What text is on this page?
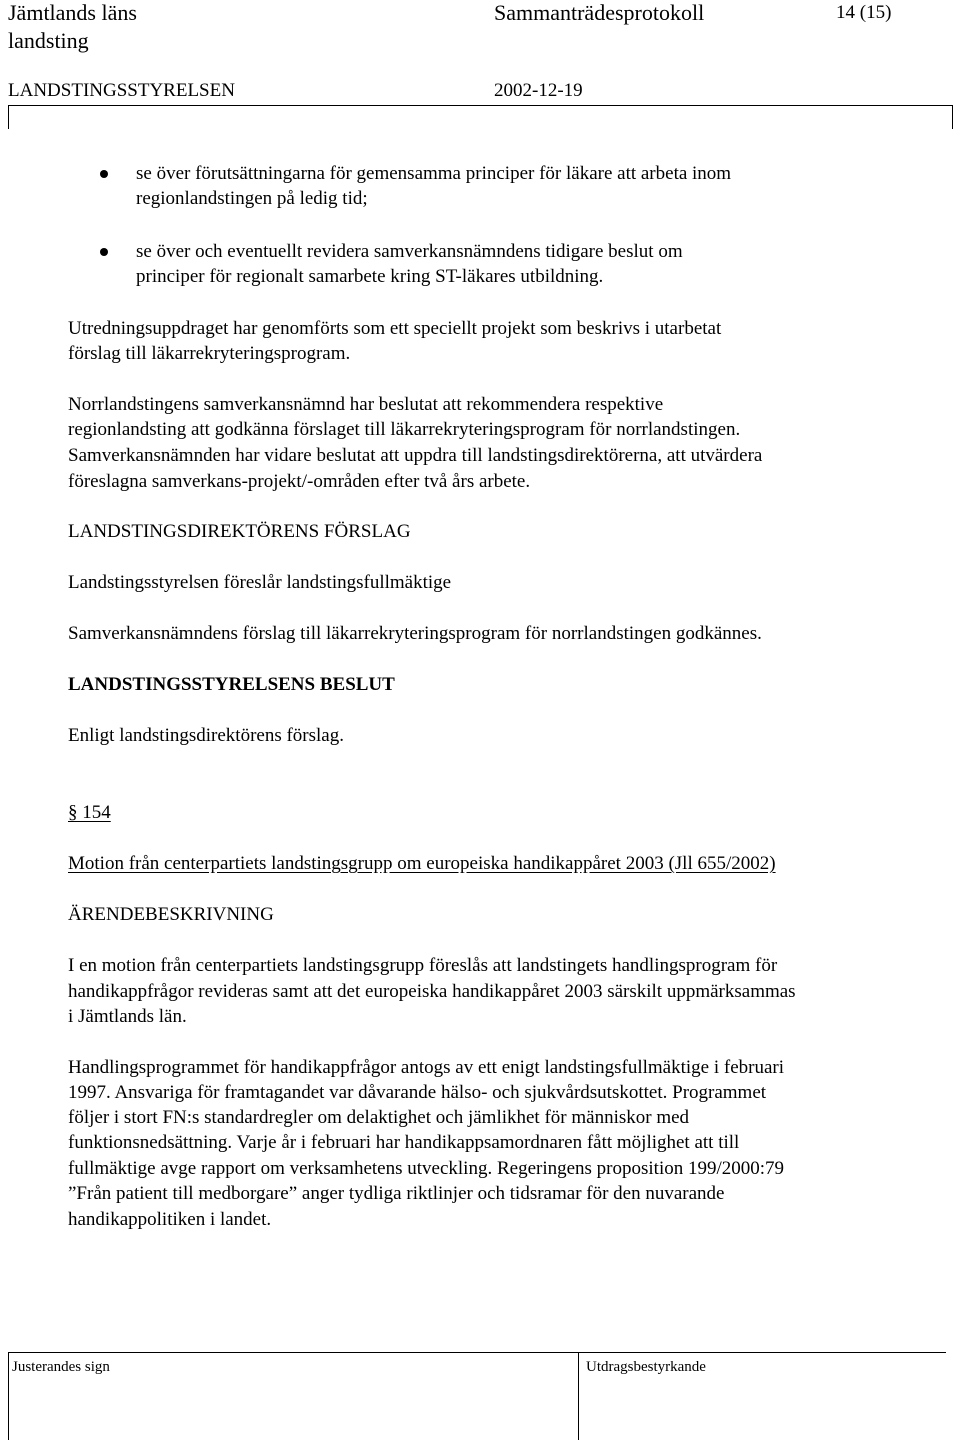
Jämtlands läns
landsting
Sammanträdesprotokoll	14 (15)
LANDSTINGSSTYRELSEN	2002-12-19
se över förutsättningarna för gemensamma principer för läkare att arbeta inom
regionlandstingen på ledig tid;
se över och eventuellt revidera samverkansnämndens tidigare beslut om
principer för regionalt samarbete kring ST-läkares utbildning.
Utredningsuppdraget har genomförts som ett speciellt projekt som beskrivs i utarbetat
förslag till läkarrekryteringsprogram.
Norrlandstingens samverkansnämnd har beslutat att rekommendera respektive
regionlandsting att godkänna förslaget till läkarrekryteringsprogram för norrlandstingen.
Samverkansnämnden har vidare beslutat att uppdra till landstingsdirektörerna, att utvärdera
föreslagna samverkans-projekt/-områden efter två års arbete.
LANDSTINGSDIREKTÖRENS FÖRSLAG
Landstingsstyrelsen föreslår landstingsfullmäktige
Samverkansnämndens förslag till läkarrekryteringsprogram för norrlandstingen godkännes.
LANDSTINGSSTYRELSENS BESLUT
Enligt landstingsdirektörens förslag.
§ 154
Motion från centerpartiets landstingsgrupp om europeiska handikappåret 2003 (Jll 655/2002)
ÄRENDEBESKRIVNING
I en motion från centerpartiets landstingsgrupp föreslås att landstingets handlingsprogram för
handikappfrågor revideras samt att det europeiska handikappåret 2003 särskilt uppmärksammas
i Jämtlands län.
Handlingsprogrammet för handikappfrågor antogs av ett enigt landstingsfullmäktige i februari
1997. Ansvariga för framtagandet var dåvarande hälso- och sjukvårdsutskottet. Programmet
följer i stort FN:s standardregler om delaktighet och jämlikhet för människor med
funktionsnedsättning. Varje år i februari har handikappsamordnaren fått möjlighet att till
fullmäktige avge rapport om verksamhetens utveckling. Regeringens proposition 199/2000:79
”Från patient till medborgare” anger tydliga riktlinjer och tidsramar för den nuvarande
handikappolitiken i landet.
Justerandes sign	Utdragsbestyrkande
